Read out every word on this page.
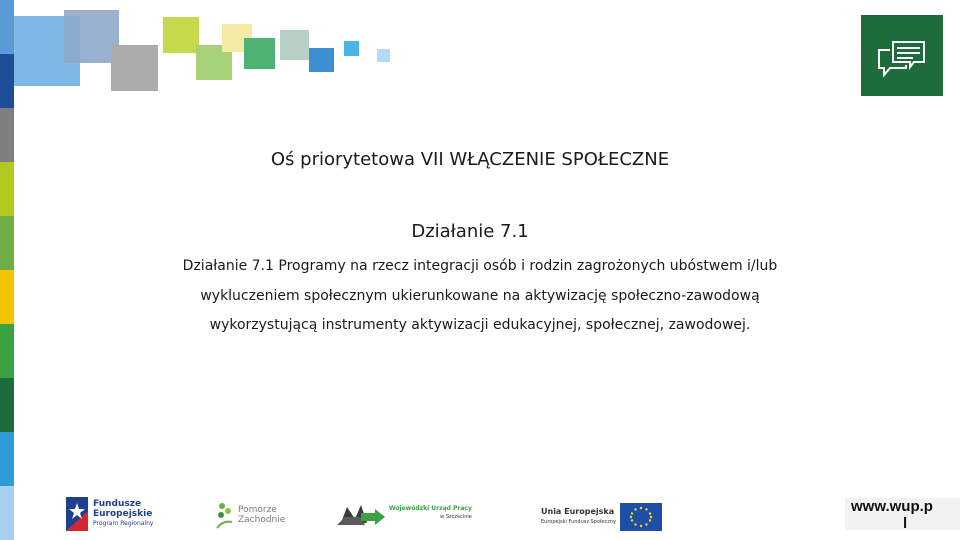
Oś priorytetowa VII WŁĄCZENIE SPOŁECZNE
Działanie 7.1
Działanie 7.1 Programy na rzecz integracji osób i rodzin zagrożonych ubóstwem i/lub
wykluczeniem społecznym ukierunkowane na aktywizację społeczno-zawodową
wykorzystującą instrumenty aktywizacji edukacyjnej, społecznej, zawodowej.
Fundusze
Europejskie
Program Regionalny
Pomorze
Zachodnie
Wojewódzki Urząd Pracy
w Szczecinie
Unia Europejska
Europejski Fundusz Społeczny
www.wup.p
l
